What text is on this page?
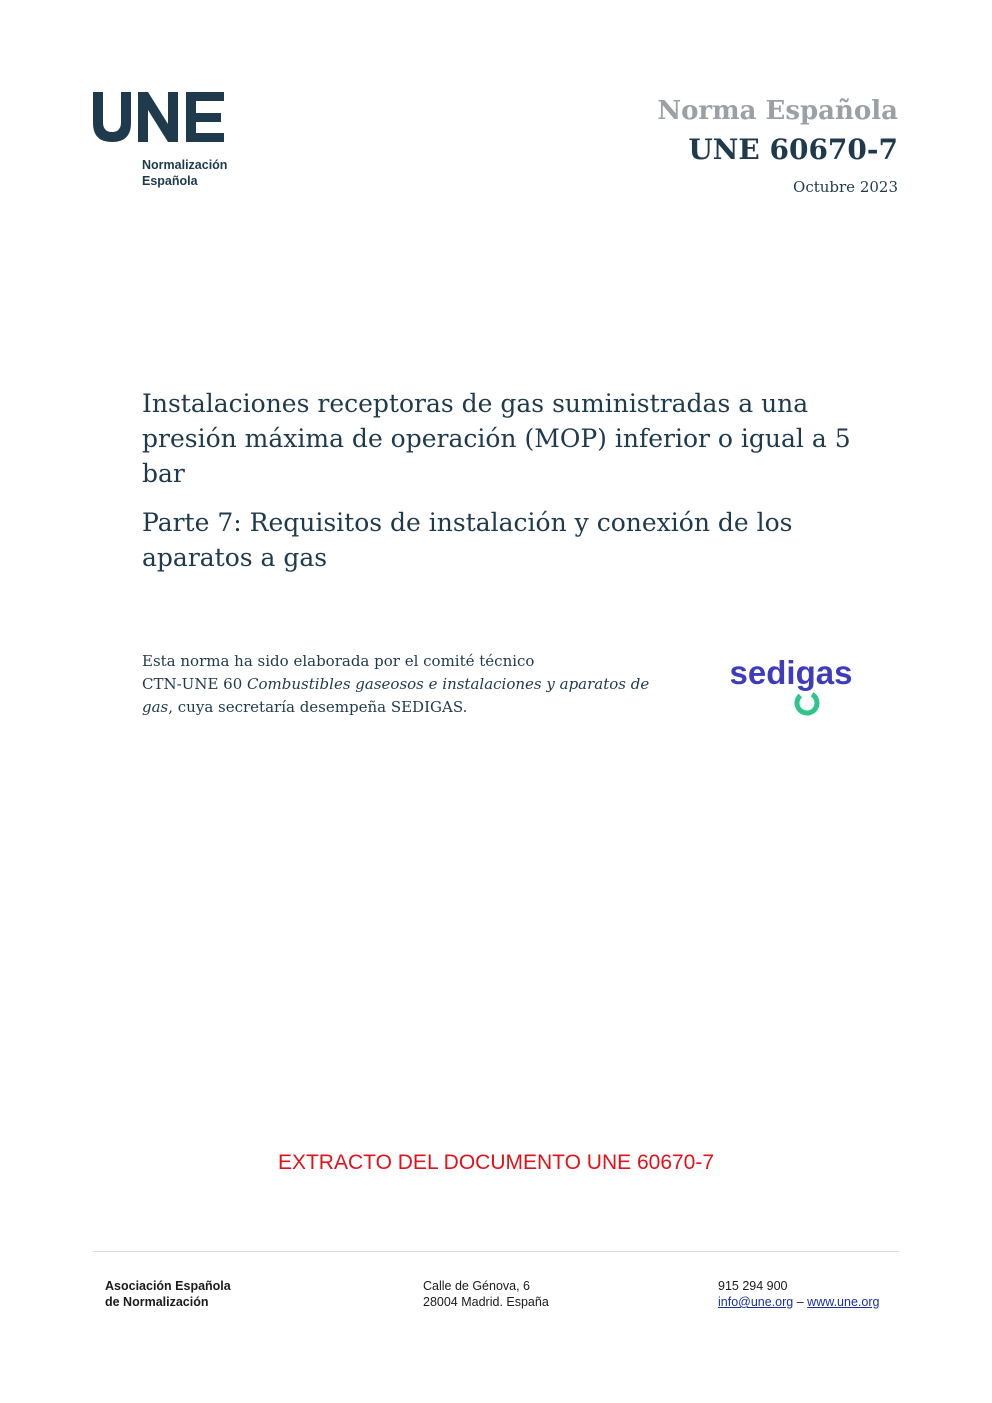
Normalización
Española
Norma Española
UNE 60670-7
Octubre 2023
Instalaciones receptoras de gas suministradas a una presión máxima de operación (MOP) inferior o igual a 5 bar
Parte 7: Requisitos de instalación y conexión de los aparatos a gas
Esta norma ha sido elaborada por el comité técnico
CTN-UNE 60 Combustibles gaseosos e instalaciones y aparatos de gas, cuya secretaría desempeña SEDIGAS.
sedigas
EXTRACTO DEL DOCUMENTO UNE 60670-7
Asociación Española
de Normalización
Calle de Génova, 6
28004 Madrid. España
915 294 900
info@une.org – www.une.org
